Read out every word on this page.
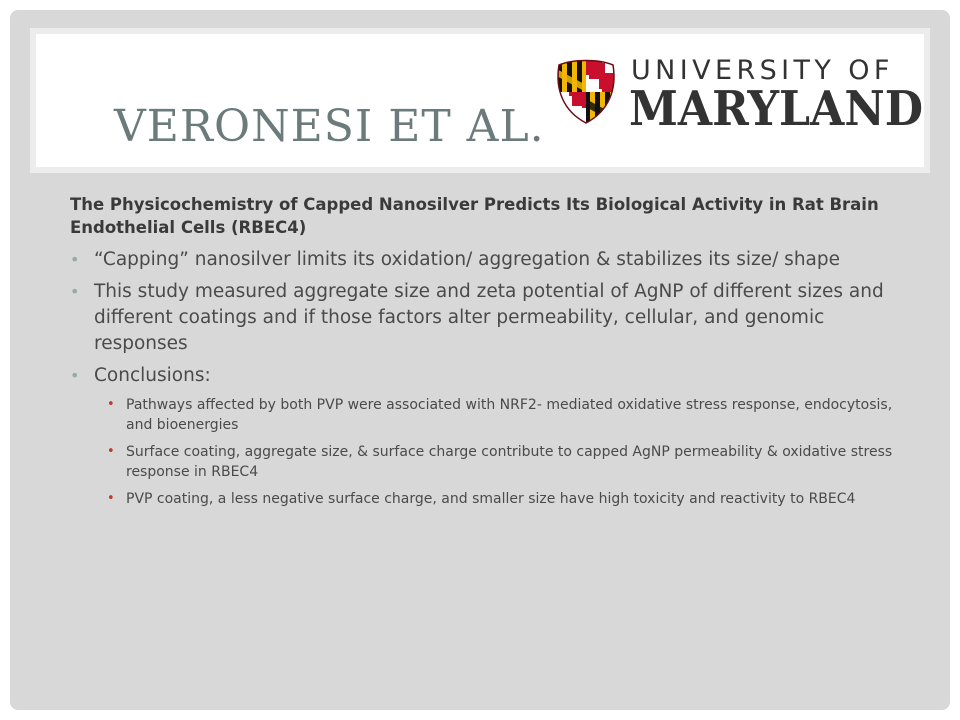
VERONESI ET AL.
UNIVERSITY OF
MARYLAND

The Physicochemistry of Capped Nanosilver Predicts Its Biological Activity in Rat Brain Endothelial Cells (RBEC4)

• “Capping” nanosilver limits its oxidation/ aggregation & stabilizes its size/ shape
• This study measured aggregate size and zeta potential of AgNP of different sizes and different coatings and if those factors alter permeability, cellular, and genomic responses
• Conclusions:
• Pathways affected by both PVP were associated with NRF2- mediated oxidative stress response, endocytosis, and bioenergies
• Surface coating, aggregate size, & surface charge contribute to capped AgNP permeability & oxidative stress response in RBEC4
• PVP coating, a less negative surface charge, and smaller size have high toxicity and reactivity to RBEC4
